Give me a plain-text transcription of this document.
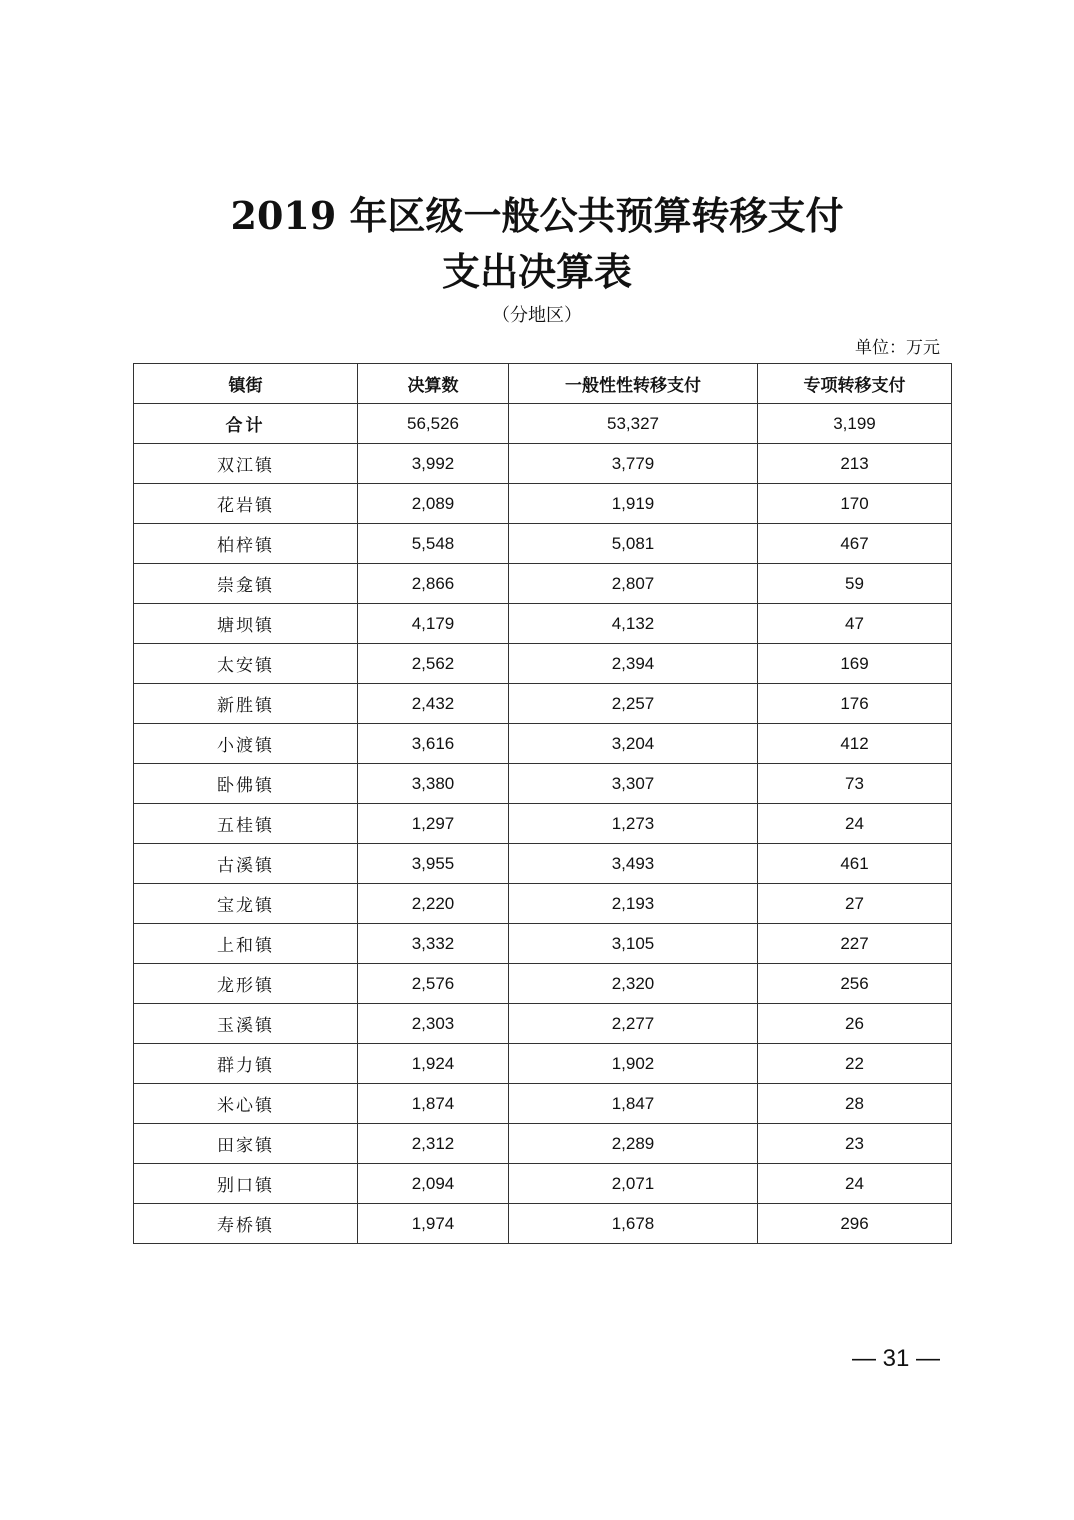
2019 年区级一般公共预算转移支付
支出决算表
（分地区）
单位：万元
镇街	决算数	一般性性转移支付	专项转移支付
合计	56,526	53,327	3,199
双江镇	3,992	3,779	213
花岩镇	2,089	1,919	170
柏梓镇	5,548	5,081	467
崇龛镇	2,866	2,807	59
塘坝镇	4,179	4,132	47
太安镇	2,562	2,394	169
新胜镇	2,432	2,257	176
小渡镇	3,616	3,204	412
卧佛镇	3,380	3,307	73
五桂镇	1,297	1,273	24
古溪镇	3,955	3,493	461
宝龙镇	2,220	2,193	27
上和镇	3,332	3,105	227
龙形镇	2,576	2,320	256
玉溪镇	2,303	2,277	26
群力镇	1,924	1,902	22
米心镇	1,874	1,847	28
田家镇	2,312	2,289	23
别口镇	2,094	2,071	24
寿桥镇	1,974	1,678	296
— 31 —
